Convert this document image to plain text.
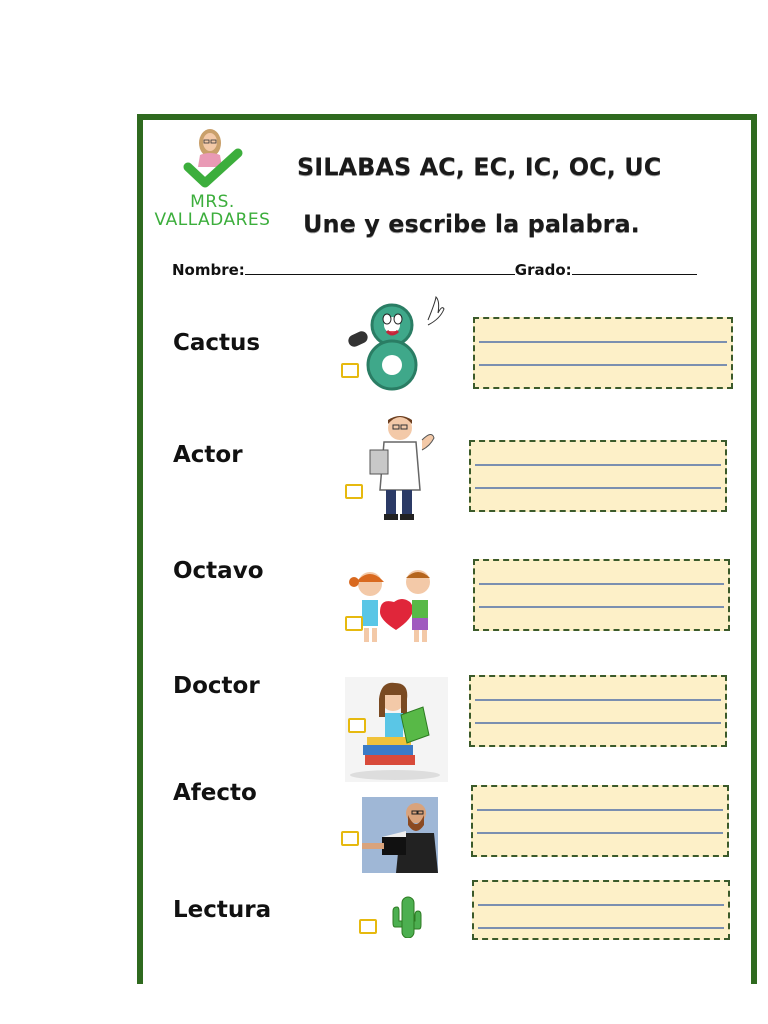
MRS. VALLADARES
SILABAS AC, EC, IC, OC, UC
Une y escribe la palabra.
Nombre:	Grado:
Cactus
Actor
Octavo
Doctor
Afecto
Lectura
